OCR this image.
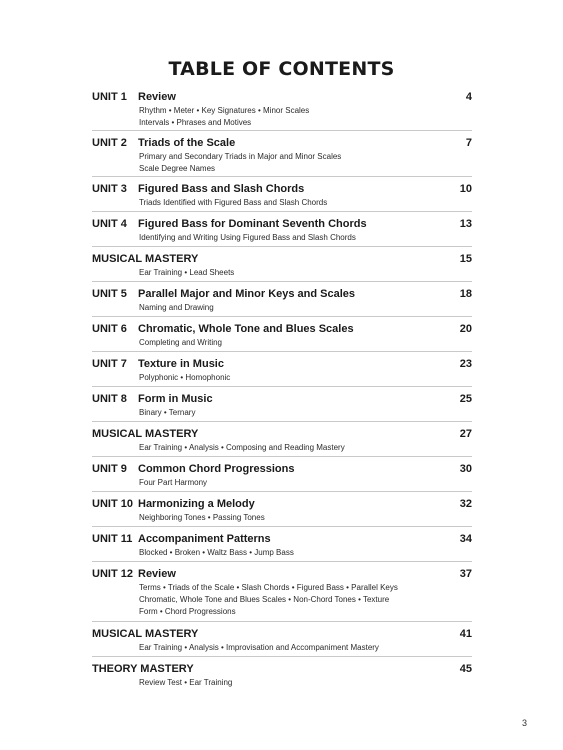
TABLE OF CONTENTS
UNIT 1	Review	4
Rhythm • Meter • Key Signatures • Minor Scales
Intervals • Phrases and Motives
UNIT 2	Triads of the Scale	7
Primary and Secondary Triads in Major and Minor Scales
Scale Degree Names
UNIT 3	Figured Bass and Slash Chords	10
Triads Identified with Figured Bass and Slash Chords
UNIT 4	Figured Bass for Dominant Seventh Chords	13
Identifying and Writing Using Figured Bass and Slash Chords
MUSICAL MASTERY	15
Ear Training • Lead Sheets
UNIT 5	Parallel Major and Minor Keys and Scales	18
Naming and Drawing
UNIT 6	Chromatic, Whole Tone and Blues Scales	20
Completing and Writing
UNIT 7	Texture in Music	23
Polyphonic • Homophonic
UNIT 8	Form in Music	25
Binary • Ternary
MUSICAL MASTERY	27
Ear Training • Analysis • Composing and Reading Mastery
UNIT 9	Common Chord Progressions	30
Four Part Harmony
UNIT 10 Harmonizing a Melody	32
Neighboring Tones • Passing Tones
UNIT 11 Accompaniment Patterns	34
Blocked • Broken • Waltz Bass • Jump Bass
UNIT 12 Review	37
Terms • Triads of the Scale • Slash Chords • Figured Bass • Parallel Keys
Chromatic, Whole Tone and Blues Scales • Non-Chord Tones • Texture
Form • Chord Progressions
MUSICAL MASTERY	41
Ear Training • Analysis • Improvisation and Accompaniment Mastery
THEORY MASTERY	45
Review Test • Ear Training
3
